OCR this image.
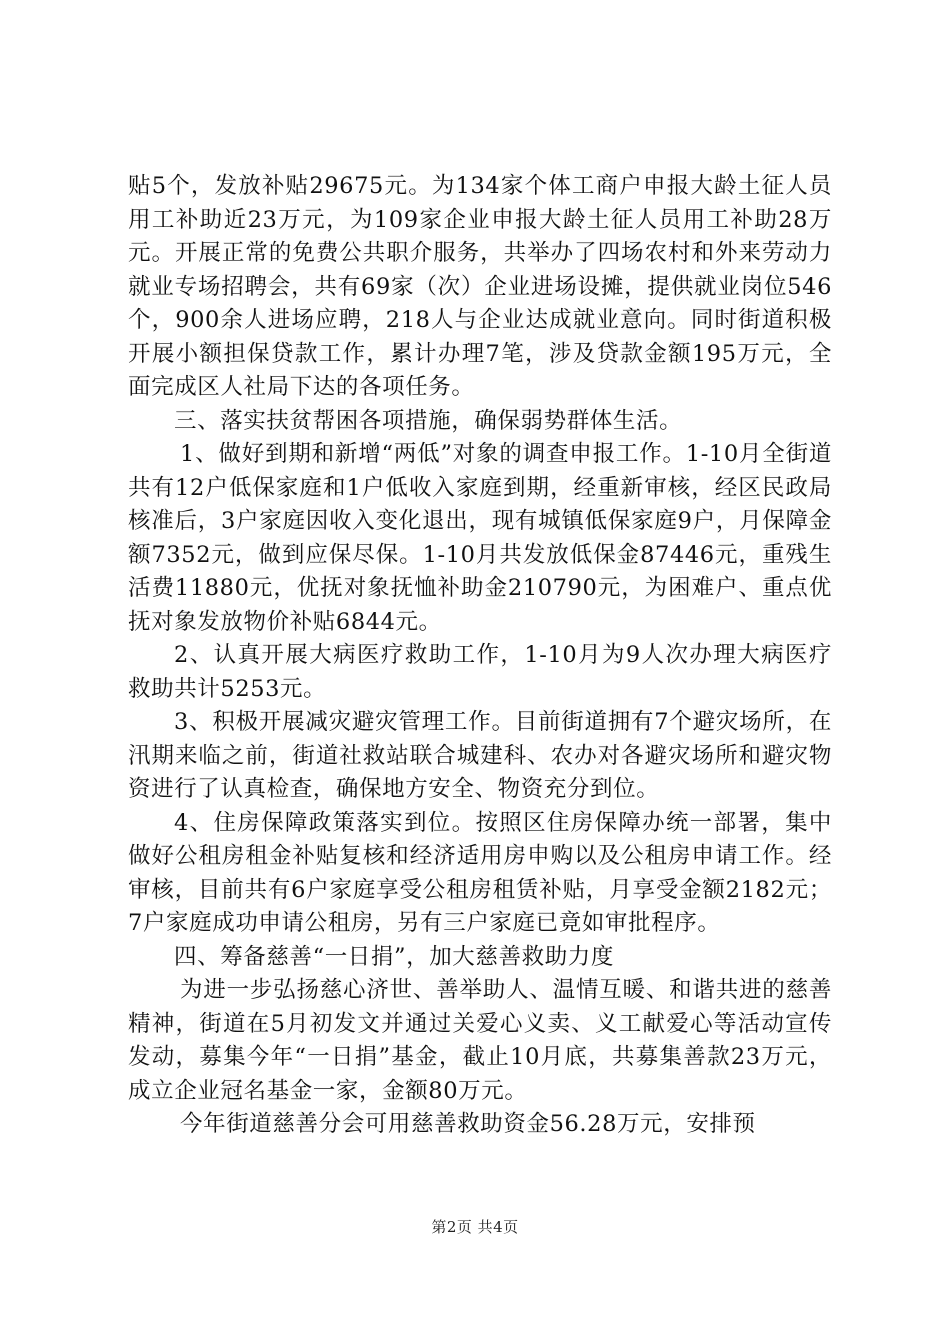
贴5个，发放补贴29675元。为134家个体工商户申报大龄土征人员用工补助近23万元，为109家企业申报大龄土征人员用工补助28万元。开展正常的免费公共职介服务，共举办了四场农村和外来劳动力就业专场招聘会，共有69家（次）企业进场设摊，提供就业岗位546个，900余人进场应聘，218人与企业达成就业意向。同时街道积极开展小额担保贷款工作，累计办理7笔，涉及贷款金额195万元，全面完成区人社局下达的各项任务。

三、落实扶贫帮困各项措施，确保弱势群体生活。

1、做好到期和新增“两低”对象的调查申报工作。1-10月全街道共有12户低保家庭和1户低收入家庭到期，经重新审核，经区民政局核准后，3户家庭因收入变化退出，现有城镇低保家庭9户，月保障金额7352元，做到应保尽保。1-10月共发放低保金87446元，重残生活费11880元，优抚对象抚恤补助金210790元，为困难户、重点优抚对象发放物价补贴6844元。

2、认真开展大病医疗救助工作，1-10月为9人次办理大病医疗救助共计5253元。

3、积极开展减灾避灾管理工作。目前街道拥有7个避灾场所，在汛期来临之前，街道社救站联合城建科、农办对各避灾场所和避灾物资进行了认真检查，确保地方安全、物资充分到位。

4、住房保障政策落实到位。按照区住房保障办统一部署，集中做好公租房租金补贴复核和经济适用房申购以及公租房申请工作。经审核，目前共有6户家庭享受公租房租赁补贴，月享受金额2182元；7户家庭成功申请公租房，另有三户家庭已竟如审批程序。

四、筹备慈善“一日捐”，加大慈善救助力度

为进一步弘扬慈心济世、善举助人、温情互暖、和谐共进的慈善精神，街道在5月初发文并通过关爱心义卖、义工献爱心等活动宣传发动，募集今年“一日捐”基金，截止10月底，共募集善款23万元，成立企业冠名基金一家，金额80万元。

今年街道慈善分会可用慈善救助资金56.28万元，安排预

第2页 共4页
